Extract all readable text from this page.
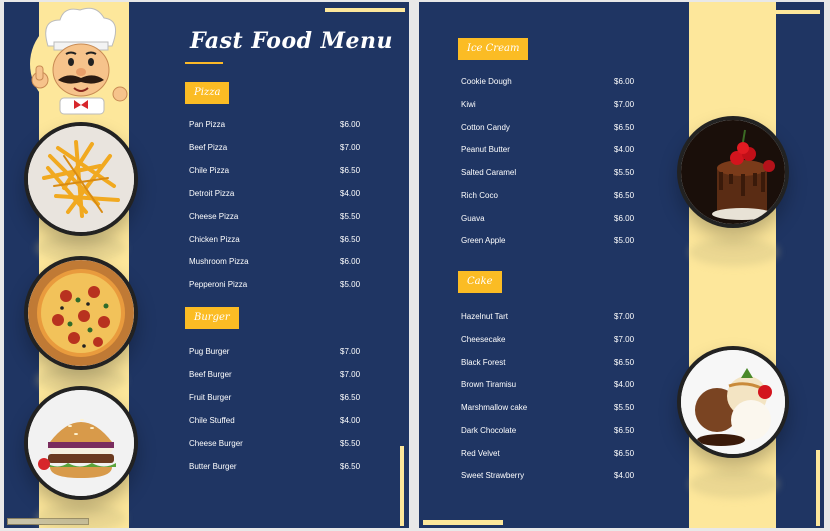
Fast Food Menu
Pizza
Pan Pizza	$6.00
Beef Pizza	$7.00
Chile Pizza	$6.50
Detroit Pizza	$4.00
Cheese Pizza	$5.50
Chicken Pizza	$6.50
Mushroom Pizza	$6.00
Pepperoni Pizza	$5.00
Burger
Pug Burger	$7.00
Beef Burger	$7.00
Fruit Burger	$6.50
Chile Stuffed	$4.00
Cheese Burger	$5.50
Butter Burger	$6.50
Ice Cream
Cookie Dough	$6.00
Kiwi	$7.00
Cotton Candy	$6.50
Peanut Butter	$4.00
Salted Caramel	$5.50
Rich Coco	$6.50
Guava	$6.00
Green Apple	$5.00
Cake
Hazelnut Tart	$7.00
Cheesecake	$7.00
Black Forest	$6.50
Brown Tiramisu	$4.00
Marshmallow cake	$5.50
Dark Chocolate	$6.50
Red Velvet	$6.50
Sweet Strawberry	$4.00
